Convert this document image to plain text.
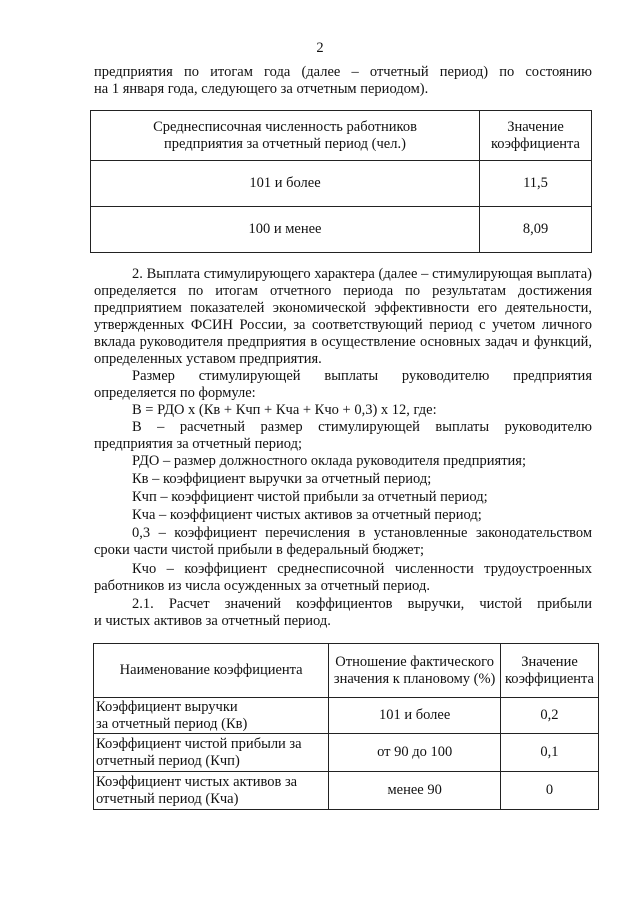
2
предприятия по итогам года (далее – отчетный период) по состоянию
на 1 января года, следующего за отчетным периодом).
Среднесписочная численность работников
предприятия за отчетный период (чел.)	Значение
коэффициента

101 и более	11,5
100 и менее	8,09
2. Выплата стимулирующего характера (далее – стимулирующая выплата)
определяется по итогам отчетного периода по результатам достижения
предприятием показателей экономической эффективности его деятельности,
утвержденных ФСИН России, за соответствующий период с учетом личного
вклада руководителя предприятия в осуществление основных задач и функций,
определенных уставом предприятия.
Размер стимулирующей выплаты руководителю предприятия
определяется по формуле:
В = РДО х (Кв + Кчп + Кча + Кчо + 0,3) х 12, где:
В – расчетный размер стимулирующей выплаты руководителю
предприятия за отчетный период;
РДО – размер должностного оклада руководителя предприятия;
Кв – коэффициент выручки за отчетный период;
Кчп – коэффициент чистой прибыли за отчетный период;
Кча – коэффициент чистых активов за отчетный период;
0,3 – коэффициент перечисления в установленные законодательством
сроки части чистой прибыли в федеральный бюджет;
Кчо – коэффициент среднесписочной численности трудоустроенных
работников из числа осужденных за отчетный период.
2.1. Расчет значений коэффициентов выручки, чистой прибыли
и чистых активов за отчетный период.
Наименование коэффициента	Отношение фактического
значения к плановому (%)	Значение
коэффициента

Коэффициент выручки
за отчетный период (Кв)	101 и более	0,2

Коэффициент чистой прибыли за
отчетный период (Кчп)	от 90 до 100	0,1

Коэффициент чистых активов за
отчетный период (Кча)	менее 90	0
